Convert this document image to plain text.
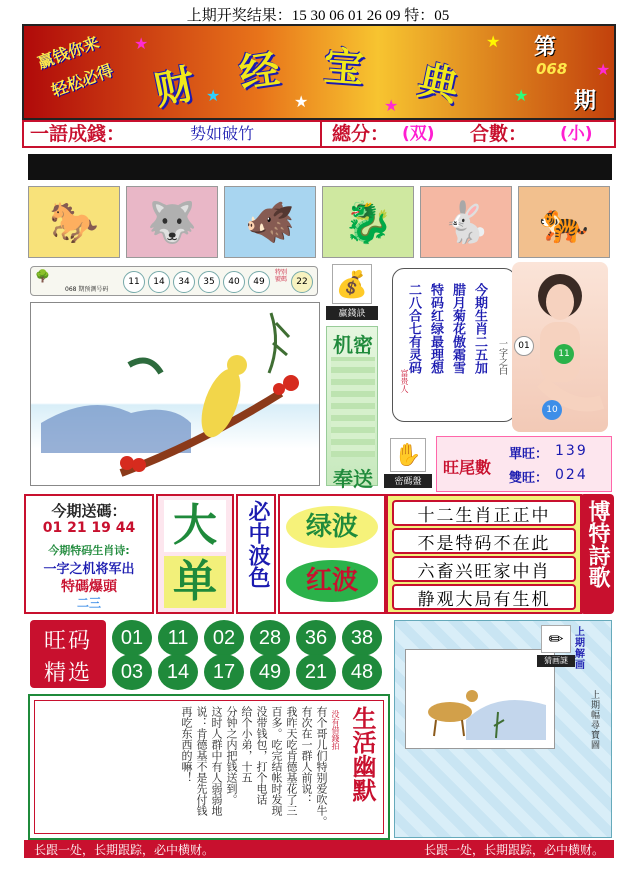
上期开奖结果：15 30 06 01 26 09 特：05
赢钱你来
轻松必得 财 经 宝 典
★
★	★	★
★
★
★
第
068
期
一語成錢：	势如破竹	總分： (双) 合數： (小)
🐎	🐺	🐗	🐉	🐇	🐅
🌳
068 期预测号码
11	14	34	35	40	49	22
特别號碼 💰
赢錢訣
机密
奉送
今期生肖二五加
腊月菊花傲霜雪
特码红绿最理想
二八合七有灵码	一字之白
富贵人
01
11
10
✋
密碼盤
旺尾數
單旺： 139
雙旺： 024
今期送碼：
01 21 19 44
今期特码生肖诗:
一字之机将军出
特碼爆頭
二三
大
单	必中波色	绿波
红波
十二生肖正正中
不是特码不在此
六畜兴旺家中肖
静观大局有生机
博特詩歌
旺码
精选
01	11	02	28	36	38
03	14	17	49	21	48
✏
猜画謎
上期解画
上期幅尋寶圖
有个哥儿们特别爱吹牛。
有次在一群人前说：
我昨天吃肯德基花了三
百多。吃完结帐时发现
没带钱包，打个电话
给个小弟，十五
分钟之内把钱送到。
这时人群中有人弱弱地
说：肯德基不是先付钱
再吃东西的嘛！	没有借錢拍 生活幽默
长跟一处，长期跟踪，必中横财。	长跟一处，长期跟踪，必中横财。
